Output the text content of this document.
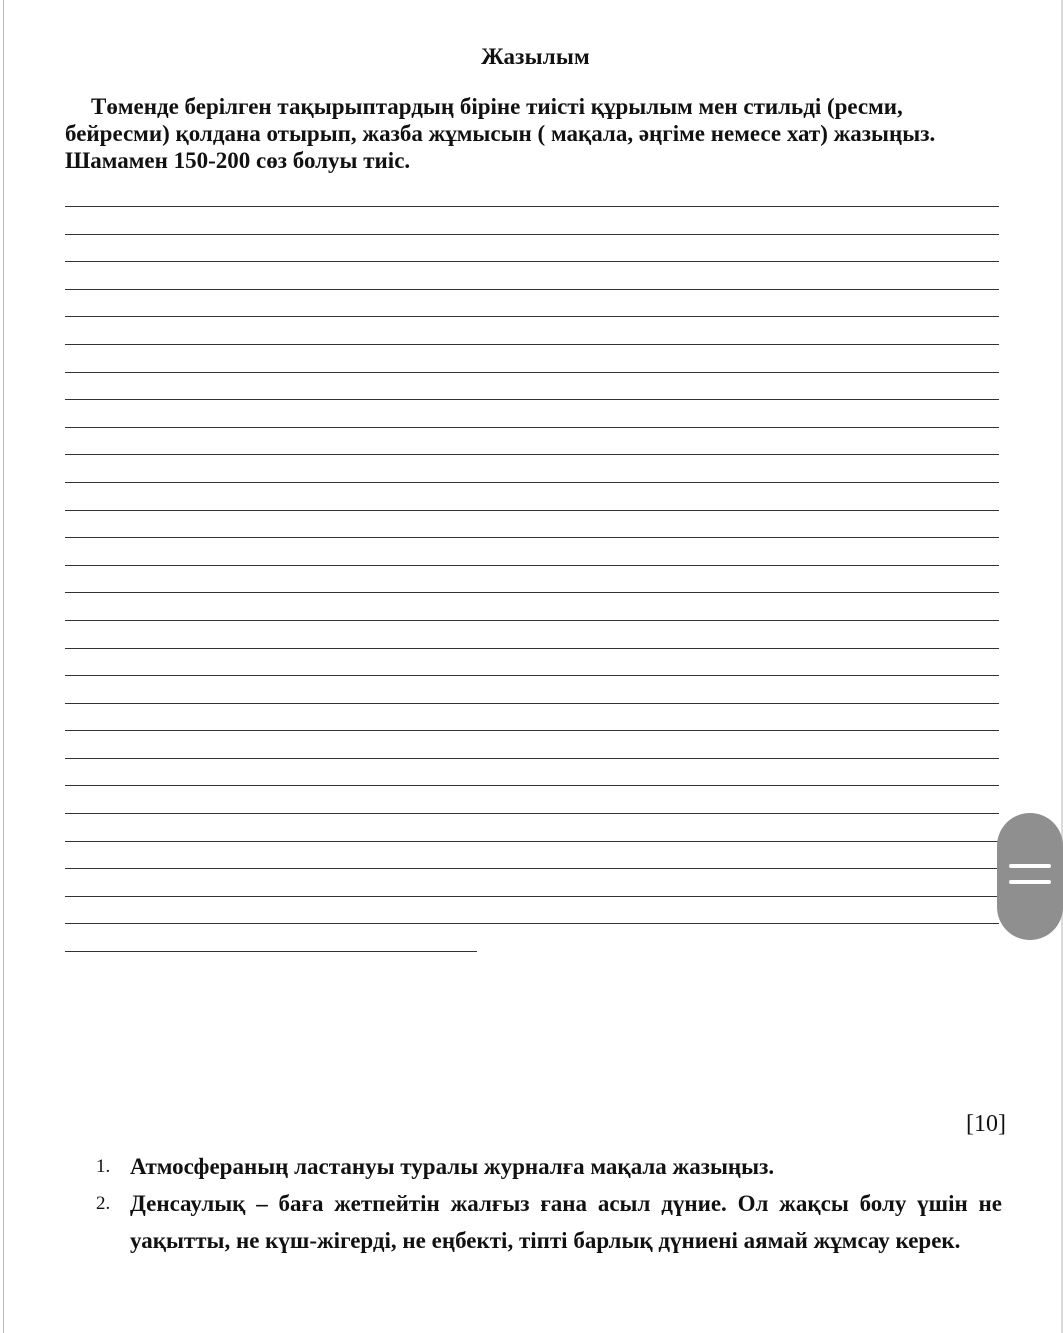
Жазылым
Төменде берілген тақырыптардың біріне тиісті құрылым мен стильді (ресми, бейресми) қолдана отырып, жазба жұмысын ( мақала, әңгіме немесе хат) жазыңыз. Шамамен 150-200 сөз болуы тиіс.
[10]
1. Атмосфераның ластануы туралы журналға мақала жазыңыз.
2. Денсаулық – баға жетпейтін жалғыз ғана асыл дүние. Ол жақсы болу үшін не уақытты, не күш-жігерді, не еңбекті, тіпті барлық дүниені аямай жұмсау керек.
